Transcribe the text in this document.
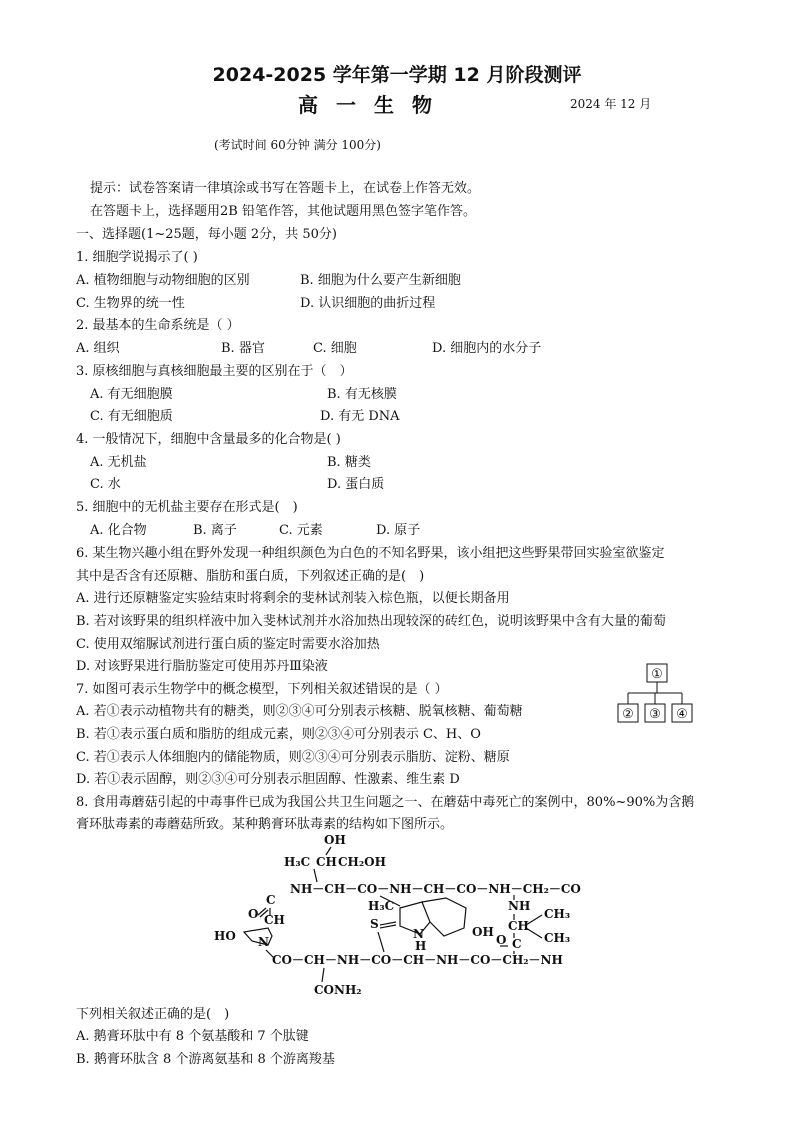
2024-2025 学年第一学期 12 月阶段测评
高一生物	2024 年 12 月
(考试时间 60分钟 满分 100分)
提示：试卷答案请一律填涂或书写在答题卡上，在试卷上作答无效。
在答题卡上，选择题用2B 铅笔作答，其他试题用黑色签字笔作答。
一、选择题(1~25题，每小题 2分，共 50分)
1. 细胞学说揭示了( )
A. 植物细胞与动物细胞的区别	B. 细胞为什么要产生新细胞
C. 生物界的统一性	D. 认识细胞的曲折过程
2. 最基本的生命系统是（ ）
A. 组织	B. 器官	C. 细胞	D. 细胞内的水分子
3. 原核细胞与真核细胞最主要的区别在于（　）
A. 有无细胞膜	B. 有无核膜
C. 有无细胞质	D. 有无 DNA
4. 一般情况下，细胞中含量最多的化合物是( )
A. 无机盐	B. 糖类
C. 水	D. 蛋白质
5. 细胞中的无机盐主要存在形式是(　)
A. 化合物	B. 离子	C. 元素	D. 原子
6. 某生物兴趣小组在野外发现一种组织颜色为白色的不知名野果，该小组把这些野果带回实验室欲鉴定
其中是否含有还原糖、脂肪和蛋白质，下列叙述正确的是(　)
A. 进行还原糖鉴定实验结束时将剩余的斐林试剂装入棕色瓶，以便长期备用
B. 若对该野果的组织样液中加入斐林试剂并水浴加热出现较深的砖红色，说明该野果中含有大量的葡萄
C. 使用双缩脲试剂进行蛋白质的鉴定时需要水浴加热
D. 对该野果进行脂肪鉴定可使用苏丹Ⅲ染液
7. 如图可表示生物学中的概念模型，下列相关叙述错误的是（ ）
A. 若①表示动植物共有的糖类，则②③④可分别表示核糖、脱氧核糖、葡萄糖
B. 若①表示蛋白质和脂肪的组成元素，则②③④可分别表示 C、H、O
C. 若①表示人体细胞内的储能物质，则②③④可分别表示脂肪、淀粉、糖原
D. 若①表示固醇，则②③④可分别表示胆固醇、性激素、维生素 D
①
② ③ ④
8. 食用毒蘑菇引起的中毒事件已成为我国公共卫生问题之一、在蘑菇中毒死亡的案例中，80%~90%为含鹅
膏环肽毒素的毒蘑菇所致。某种鹅膏环肽毒素的结构如下图所示。
OH
H₃C CH CH₂OH
NH－CH－CO－NH－CH－CO－NH－CH₂－CO
C
O CH
HO N
H₃C
S
N
H
OH
NH
CH
CH₃
CH₃
C
O
CO－CH－NH－CO－CH－NH－CO－CH₂－NH
CONH₂
下列相关叙述正确的是(　)
A. 鹅膏环肽中有 8 个氨基酸和 7 个肽键
B. 鹅膏环肽含 8 个游离氨基和 8 个游离羧基
